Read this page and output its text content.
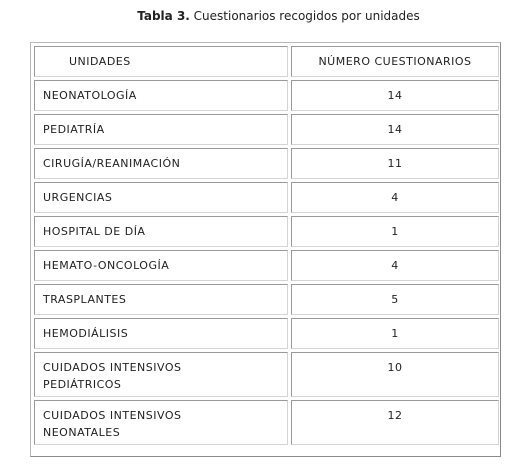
Tabla 3. Cuestionarios recogidos por unidades
UNIDADES	NÚMERO CUESTIONARIOS
NEONATOLOGÍA	14
PEDIATRÍA	14
CIRUGÍA/REANIMACIÓN	11
URGENCIAS	4
HOSPITAL DE DÍA	1
HEMATO-ONCOLOGÍA	4
TRASPLANTES	5
HEMODIÁLISIS	1

CUIDADOS INTENSIVOS
PEDIÁTRICOS	10

CUIDADOS INTENSIVOS
NEONATALES	12
